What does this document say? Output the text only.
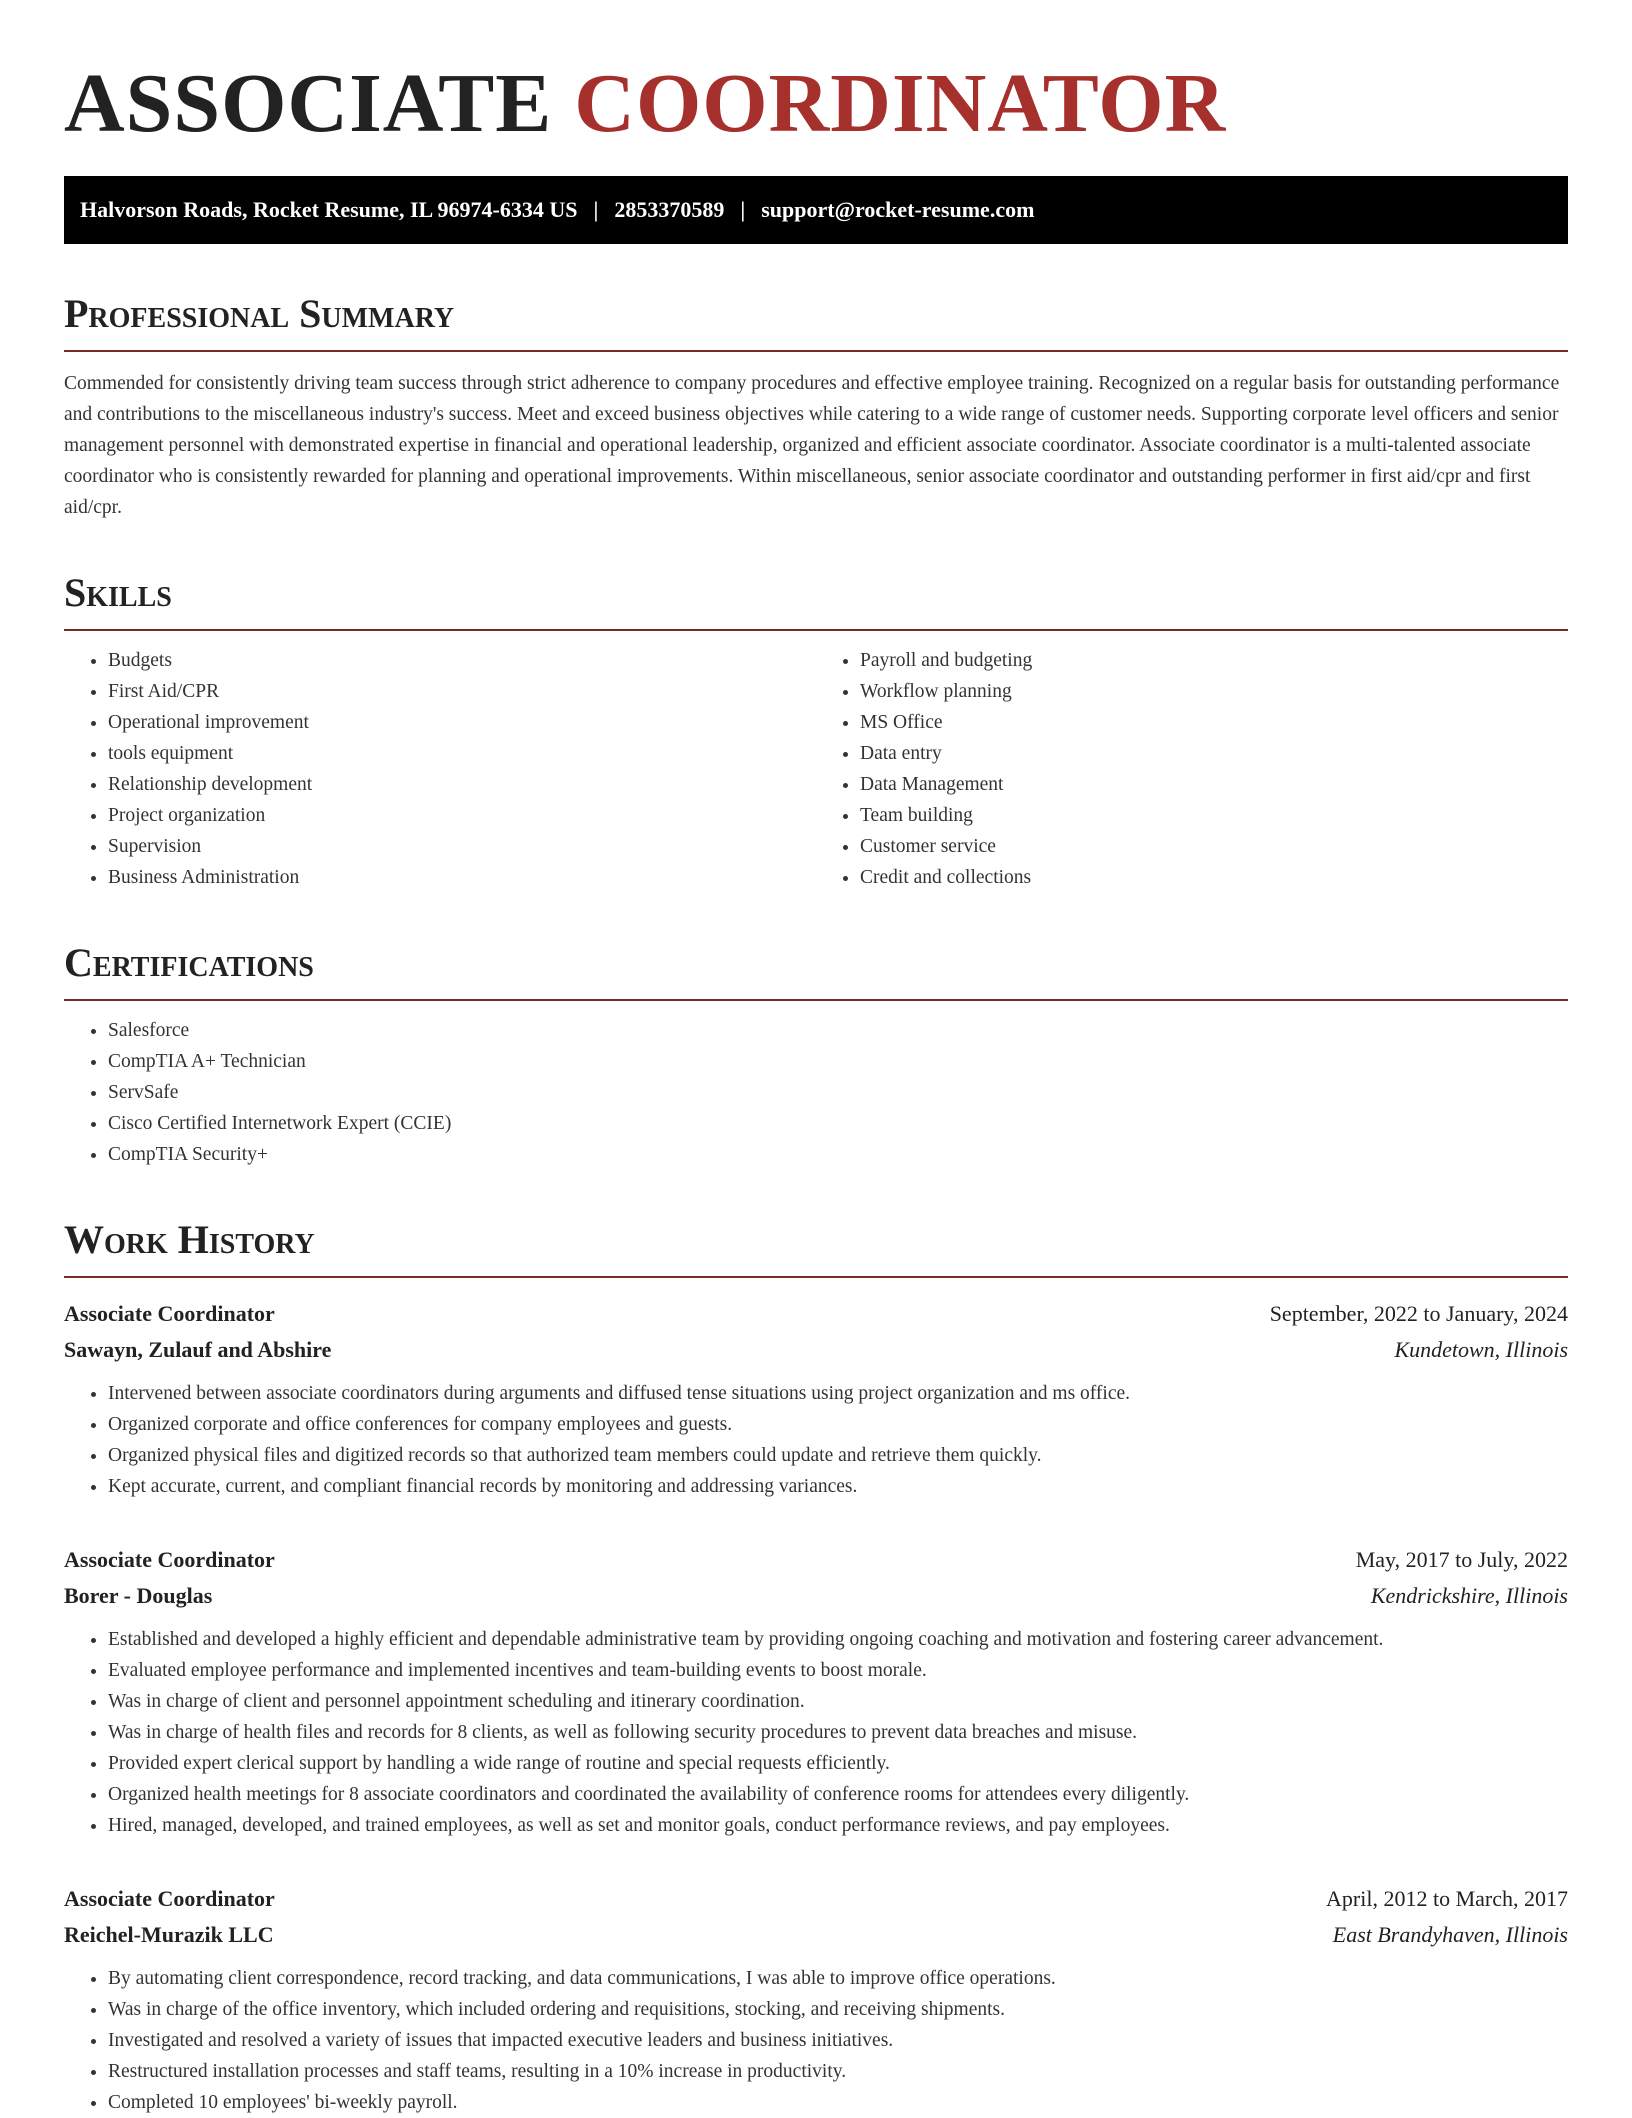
ASSOCIATE COORDINATOR
Halvorson Roads, Rocket Resume, IL 96974-6334 US | 2853370589 | support@rocket-resume.com
Professional Summary

Commended for consistently driving team success through strict adherence to company procedures and effective employee training. Recognized on a regular basis for outstanding performance and contributions to the miscellaneous industry's success. Meet and exceed business objectives while catering to a wide range of customer needs. Supporting corporate level officers and senior management personnel with demonstrated expertise in financial and operational leadership, organized and efficient associate coordinator. Associate coordinator is a multi-talented associate coordinator who is consistently rewarded for planning and operational improvements. Within miscellaneous, senior associate coordinator and outstanding performer in first aid/cpr and first aid/cpr.

Skills
• Budgets
• First Aid/CPR
• Operational improvement
• tools equipment
• Relationship development
• Project organization
• Supervision
• Business Administration
• Payroll and budgeting
• Workflow planning
• MS Office
• Data entry
• Data Management
• Team building
• Customer service
• Credit and collections
Certifications
• Salesforce
• CompTIA A+ Technician
• ServSafe
• Cisco Certified Internetwork Expert (CCIE)
• CompTIA Security+
Work History
Associate Coordinator	September, 2022 to January, 2024
Sawayn, Zulauf and Abshire	Kundetown, Illinois
• Intervened between associate coordinators during arguments and diffused tense situations using project organization and ms office.
• Organized corporate and office conferences for company employees and guests.
• Organized physical files and digitized records so that authorized team members could update and retrieve them quickly.
• Kept accurate, current, and compliant financial records by monitoring and addressing variances.
Associate Coordinator	May, 2017 to July, 2022
Borer - Douglas	Kendrickshire, Illinois
• Established and developed a highly efficient and dependable administrative team by providing ongoing coaching and motivation and fostering career advancement.
• Evaluated employee performance and implemented incentives and team-building events to boost morale.
• Was in charge of client and personnel appointment scheduling and itinerary coordination.
• Was in charge of health files and records for 8 clients, as well as following security procedures to prevent data breaches and misuse.
• Provided expert clerical support by handling a wide range of routine and special requests efficiently.
• Organized health meetings for 8 associate coordinators and coordinated the availability of conference rooms for attendees every diligently.
• Hired, managed, developed, and trained employees, as well as set and monitor goals, conduct performance reviews, and pay employees.
Associate Coordinator	April, 2012 to March, 2017
Reichel-Murazik LLC	East Brandyhaven, Illinois
• By automating client correspondence, record tracking, and data communications, I was able to improve office operations.
• Was in charge of the office inventory, which included ordering and requisitions, stocking, and receiving shipments.
• Investigated and resolved a variety of issues that impacted executive leaders and business initiatives.
• Restructured installation processes and staff teams, resulting in a 10% increase in productivity.
• Completed 10 employees' bi-weekly payroll.
